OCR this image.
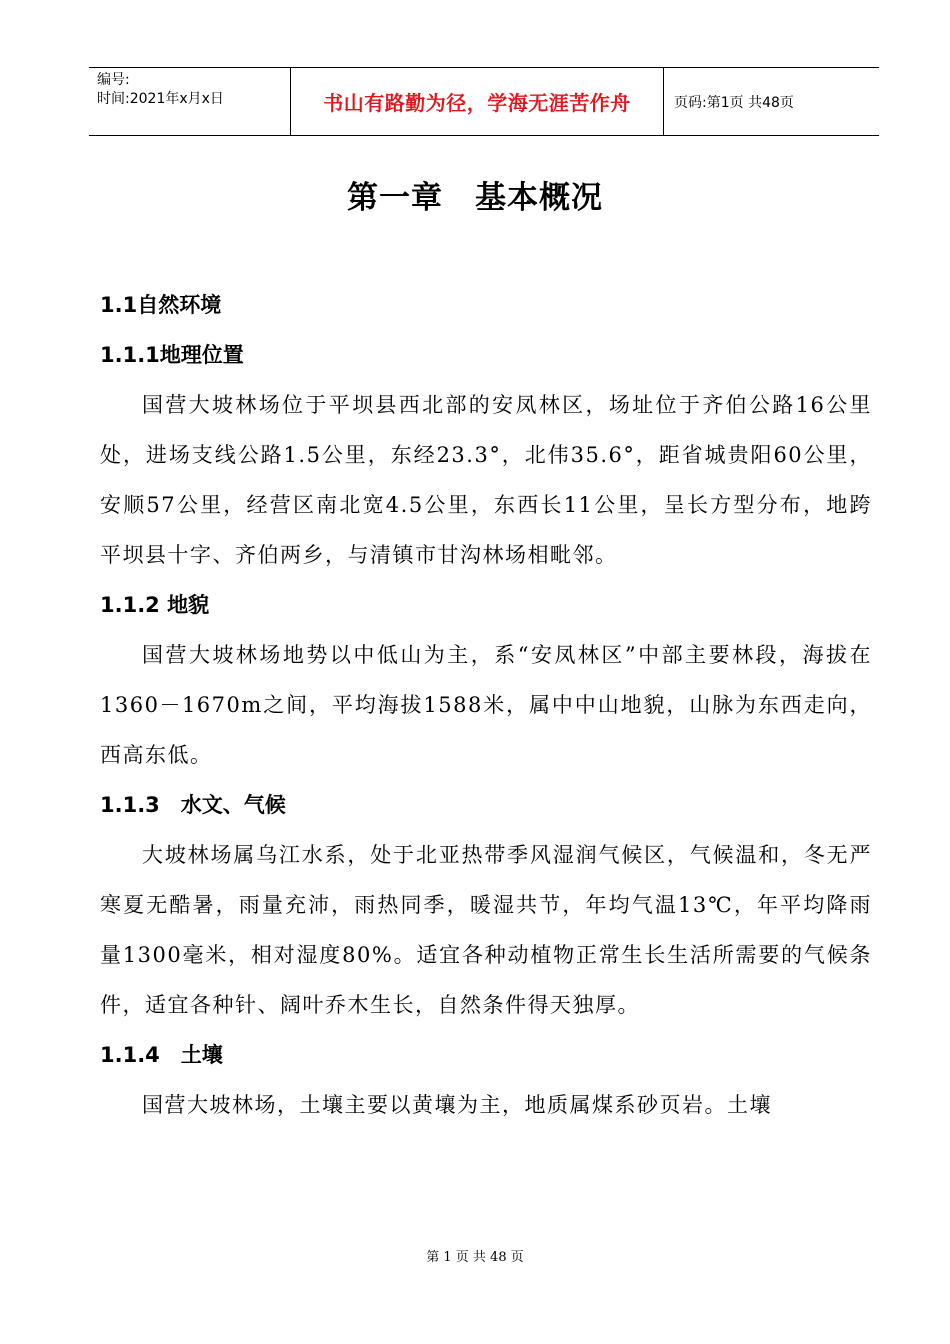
编号:
时间:2021年x月x日	书山有路勤为径，学海无涯苦作舟	页码:第1页 共48页
第一章　基本概况
1.1自然环境
1.1.1地理位置

国营大坡林场位于平坝县西北部的安凤林区，场址位于齐伯公路16公里处，进场支线公路1.5公里，东经23.3°，北伟35.6°，距省城贵阳60公里，安顺57公里，经营区南北宽4.5公里，东西长11公里，呈长方型分布，地跨平坝县十字、齐伯两乡，与清镇市甘沟林场相毗邻。

1.1.2 地貌

国营大坡林场地势以中低山为主，系“安凤林区”中部主要林段，海拔在1360－1670m之间，平均海拔1588米，属中中山地貌，山脉为东西走向，西高东低。

1.1.3　水文、气候

大坡林场属乌江水系，处于北亚热带季风湿润气候区，气候温和，冬无严寒夏无酷暑，雨量充沛，雨热同季，暖湿共节，年均气温13℃，年平均降雨量1300毫米，相对湿度80%。适宜各种动植物正常生长生活所需要的气候条件，适宜各种针、阔叶乔木生长，自然条件得天独厚。

1.1.4　土壤

国营大坡林场，土壤主要以黄壤为主，地质属煤系砂页岩。土壤

第 1 页 共 48 页
